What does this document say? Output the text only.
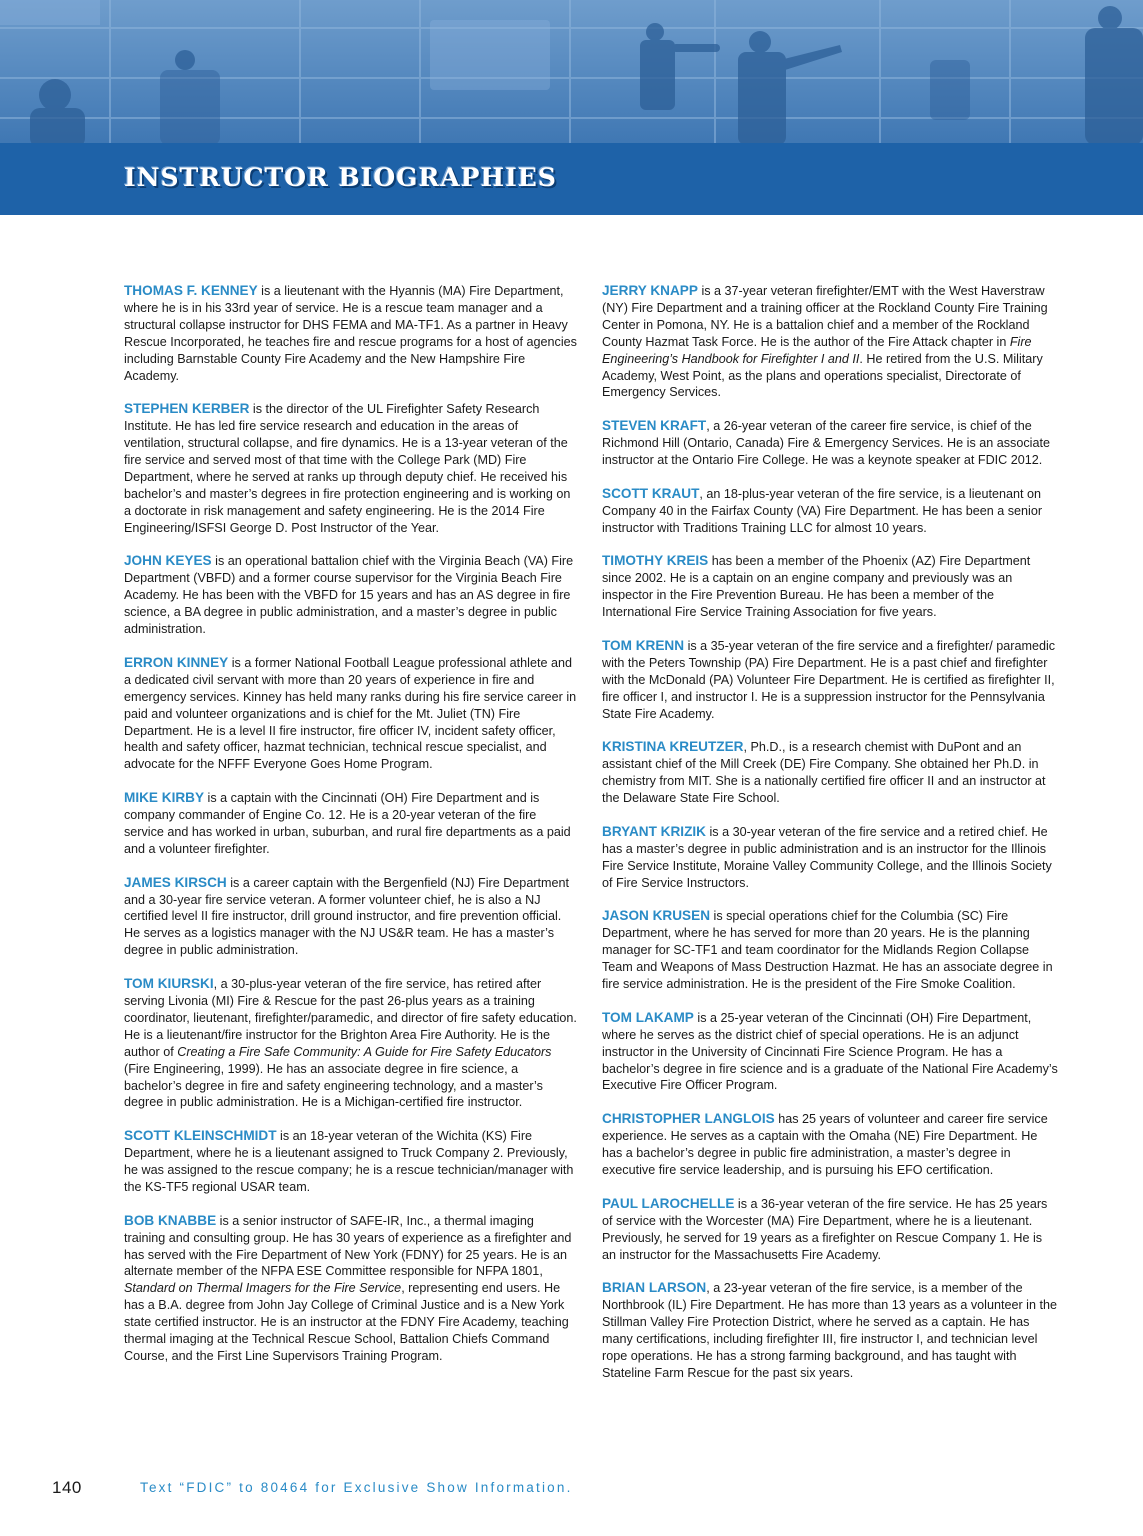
INSTRUCTOR BIOGRAPHIES

THOMAS F. KENNEY is a lieutenant with the Hyannis (MA) Fire Department, where he is in his 33rd year of service. He is a rescue team manager and a structural collapse instructor for DHS FEMA and MA-TF1. As a partner in Heavy Rescue Incorporated, he teaches fire and rescue programs for a host of agencies including Barnstable County Fire Academy and the New Hampshire Fire Academy.

STEPHEN KERBER is the director of the UL Firefighter Safety Research Institute. He has led fire service research and education in the areas of ventilation, structural collapse, and fire dynamics. He is a 13-year veteran of the fire service and served most of that time with the College Park (MD) Fire Department, where he served at ranks up through deputy chief. He received his bachelor’s and master’s degrees in fire protection engineering and is working on a doctorate in risk management and safety engineering. He is the 2014 Fire Engineering/ISFSI George D. Post Instructor of the Year.

JOHN KEYES is an operational battalion chief with the Virginia Beach (VA) Fire Department (VBFD) and a former course supervisor for the Virginia Beach Fire Academy. He has been with the VBFD for 15 years and has an AS degree in fire science, a BA degree in public administration, and a master’s degree in public administration.

ERRON KINNEY is a former National Football League professional athlete and a dedicated civil servant with more than 20 years of experience in fire and emergency services. Kinney has held many ranks during his fire service career in paid and volunteer organizations and is chief for the Mt. Juliet (TN) Fire Department. He is a level II fire instructor, fire officer IV, incident safety officer, health and safety officer, hazmat technician, technical rescue specialist, and advocate for the NFFF Everyone Goes Home Program.

MIKE KIRBY is a captain with the Cincinnati (OH) Fire Department and is company commander of Engine Co. 12. He is a 20-year veteran of the fire service and has worked in urban, suburban, and rural fire departments as a paid and a volunteer firefighter.

JAMES KIRSCH is a career captain with the Bergenfield (NJ) Fire Department and a 30-year fire service veteran. A former volunteer chief, he is also a NJ certified level II fire instructor, drill ground instructor, and fire prevention official. He serves as a logistics manager with the NJ US&R team. He has a master’s degree in public administration.

TOM KIURSKI, a 30-plus-year veteran of the fire service, has retired after serving Livonia (MI) Fire & Rescue for the past 26-plus years as a training coordinator, lieutenant, firefighter/paramedic, and director of fire safety education. He is a lieutenant/fire instructor for the Brighton Area Fire Authority. He is the author of Creating a Fire Safe Community: A Guide for Fire Safety Educators (Fire Engineering, 1999). He has an associate degree in fire science, a bachelor’s degree in fire and safety engineering technology, and a master’s degree in public administration. He is a Michigan-certified fire instructor.

SCOTT KLEINSCHMIDT is an 18-year veteran of the Wichita (KS) Fire Department, where he is a lieutenant assigned to Truck Company 2. Previously, he was assigned to the rescue company; he is a rescue technician/manager with the KS-TF5 regional USAR team.

BOB KNABBE is a senior instructor of SAFE-IR, Inc., a thermal imaging training and consulting group. He has 30 years of experience as a firefighter and has served with the Fire Department of New York (FDNY) for 25 years. He is an alternate member of the NFPA ESE Committee responsible for NFPA 1801, Standard on Thermal Imagers for the Fire Service, representing end users. He has a B.A. degree from John Jay College of Criminal Justice and is a New York state certified instructor. He is an instructor at the FDNY Fire Academy, teaching thermal imaging at the Technical Rescue School, Battalion Chiefs Command Course, and the First Line Supervisors Training Program.

JERRY KNAPP is a 37-year veteran firefighter/EMT with the West Haverstraw (NY) Fire Department and a training officer at the Rockland County Fire Training Center in Pomona, NY. He is a battalion chief and a member of the Rockland County Hazmat Task Force. He is the author of the Fire Attack chapter in Fire Engineering’s Handbook for Firefighter I and II. He retired from the U.S. Military Academy, West Point, as the plans and operations specialist, Directorate of Emergency Services.

STEVEN KRAFT, a 26-year veteran of the career fire service, is chief of the Richmond Hill (Ontario, Canada) Fire & Emergency Services. He is an associate instructor at the Ontario Fire College. He was a keynote speaker at FDIC 2012.

SCOTT KRAUT, an 18-plus-year veteran of the fire service, is a lieutenant on Company 40 in the Fairfax County (VA) Fire Department. He has been a senior instructor with Traditions Training LLC for almost 10 years.

TIMOTHY KREIS has been a member of the Phoenix (AZ) Fire Department since 2002. He is a captain on an engine company and previously was an inspector in the Fire Prevention Bureau. He has been a member of the International Fire Service Training Association for five years.

TOM KRENN is a 35-year veteran of the fire service and a firefighter/ paramedic with the Peters Township (PA) Fire Department. He is a past chief and firefighter with the McDonald (PA) Volunteer Fire Department. He is certified as firefighter II, fire officer I, and instructor I. He is a suppression instructor for the Pennsylvania State Fire Academy.

KRISTINA KREUTZER, Ph.D., is a research chemist with DuPont and an assistant chief of the Mill Creek (DE) Fire Company. She obtained her Ph.D. in chemistry from MIT. She is a nationally certified fire officer II and an instructor at the Delaware State Fire School.

BRYANT KRIZIK is a 30-year veteran of the fire service and a retired chief. He has a master’s degree in public administration and is an instructor for the Illinois Fire Service Institute, Moraine Valley Community College, and the Illinois Society of Fire Service Instructors.

JASON KRUSEN is special operations chief for the Columbia (SC) Fire Department, where he has served for more than 20 years. He is the planning manager for SC-TF1 and team coordinator for the Midlands Region Collapse Team and Weapons of Mass Destruction Hazmat. He has an associate degree in fire service administration. He is the president of the Fire Smoke Coalition.

TOM LAKAMP is a 25-year veteran of the Cincinnati (OH) Fire Department, where he serves as the district chief of special operations. He is an adjunct instructor in the University of Cincinnati Fire Science Program. He has a bachelor’s degree in fire science and is a graduate of the National Fire Academy’s Executive Fire Officer Program.

CHRISTOPHER LANGLOIS has 25 years of volunteer and career fire service experience. He serves as a captain with the Omaha (NE) Fire Department. He has a bachelor’s degree in public fire administration, a master’s degree in executive fire service leadership, and is pursuing his EFO certification.

PAUL LAROCHELLE is a 36-year veteran of the fire service. He has 25 years of service with the Worcester (MA) Fire Department, where he is a lieutenant. Previously, he served for 19 years as a firefighter on Rescue Company 1. He is an instructor for the Massachusetts Fire Academy.

BRIAN LARSON, a 23-year veteran of the fire service, is a member of the Northbrook (IL) Fire Department. He has more than 13 years as a volunteer in the Stillman Valley Fire Protection District, where he served as a captain. He has many certifications, including firefighter III, fire instructor I, and technician level rope operations. He has a strong farming background, and has taught with Stateline Farm Rescue for the past six years.

140	Text “FDIC” to 80464 for Exclusive Show Information.
